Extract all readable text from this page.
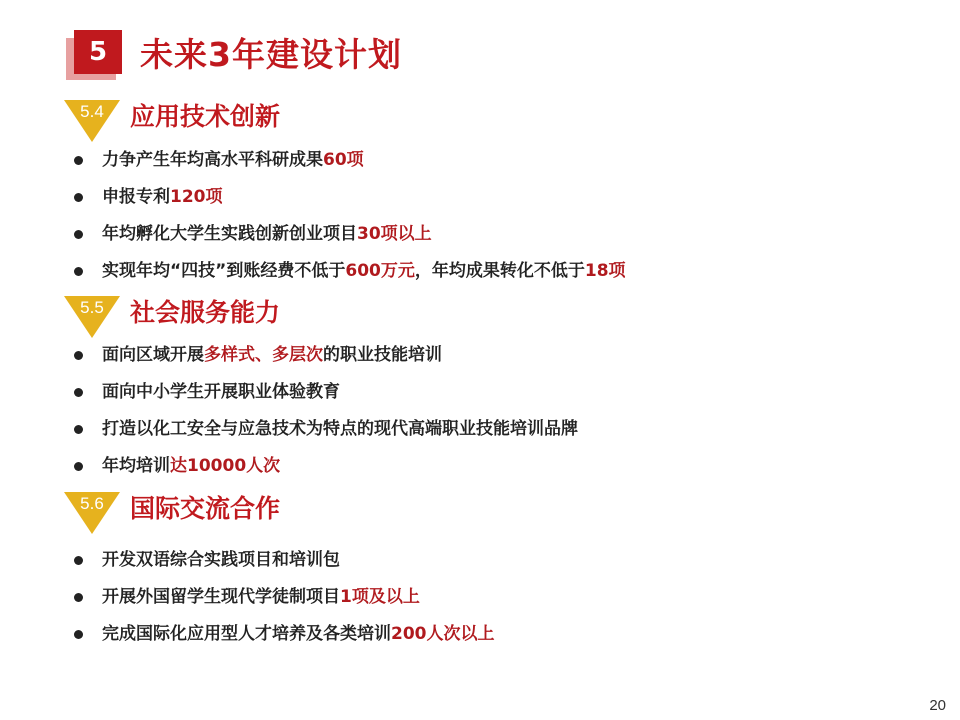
5 未来3年建设计划
5.4	应用技术创新
力争产生年均高水平科研成果60项
申报专利120项
年均孵化大学生实践创新创业项目30项以上
实现年均“四技”到账经费不低于600万元，年均成果转化不低于18项
5.5	社会服务能力
面向区域开展多样式、多层次的职业技能培训
面向中小学生开展职业体验教育
打造以化工安全与应急技术为特点的现代高端职业技能培训品牌
年均培训达10000人次
5.6	国际交流合作
开发双语综合实践项目和培训包
开展外国留学生现代学徒制项目1项及以上
完成国际化应用型人才培养及各类培训200人次以上
20
